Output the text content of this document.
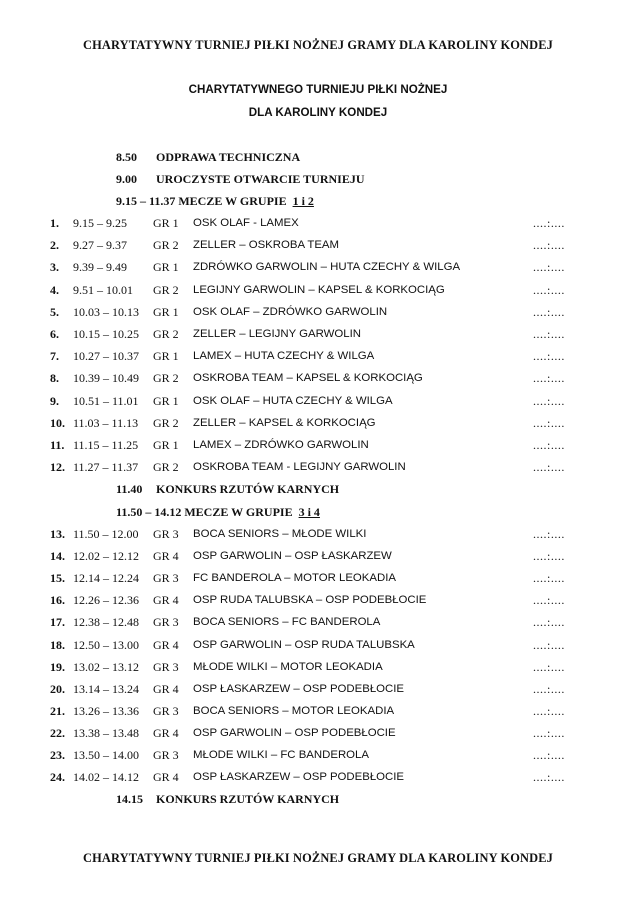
CHARYTATYWNY TURNIEJ PIŁKI NOŻNEJ GRAMY DLA KAROLINY KONDEJ
CHARYTATYWNEGO TURNIEJU PIŁKI NOŻNEJ
DLA KAROLINY KONDEJ
8.50 ODPRAWA TECHNICZNA
9.00 UROCZYSTE OTWARCIE TURNIEJU
9.15 – 11.37 MECZE W GRUPIE 1 i 2
1. 9.15 – 9.25 GR 1 OSK OLAF - LAMEX	....:....
2. 9.27 – 9.37 GR 2 ZELLER – OSKROBA TEAM	....:....
3. 9.39 – 9.49 GR 1 ZDRÓWKO GARWOLIN – HUTA CZECHY & WILGA	....:....
4. 9.51 – 10.01 GR 2 LEGIJNY GARWOLIN – KAPSEL & KORKOCIĄG	....:....
5. 10.03 – 10.13 GR 1 OSK OLAF – ZDRÓWKO GARWOLIN	....:....
6. 10.15 – 10.25 GR 2 ZELLER – LEGIJNY GARWOLIN	....:....
7. 10.27 – 10.37 GR 1 LAMEX – HUTA CZECHY & WILGA	....:....
8. 10.39 – 10.49 GR 2 OSKROBA TEAM – KAPSEL & KORKOCIĄG	....:....
9. 10.51 – 11.01 GR 1 OSK OLAF – HUTA CZECHY & WILGA	....:....
10. 11.03 – 11.13 GR 2 ZELLER – KAPSEL & KORKOCIĄG	....:....
11. 11.15 – 11.25 GR 1 LAMEX – ZDRÓWKO GARWOLIN	....:....
12. 11.27 – 11.37 GR 2 OSKROBA TEAM - LEGIJNY GARWOLIN	....:....
11.40 KONKURS RZUTÓW KARNYCH
11.50 – 14.12 MECZE W GRUPIE 3 i 4
13. 11.50 – 12.00 GR 3 BOCA SENIORS – MŁODE WILKI	....:....
14. 12.02 – 12.12 GR 4 OSP GARWOLIN – OSP ŁASKARZEW	....:....
15. 12.14 – 12.24 GR 3 FC BANDEROLA – MOTOR LEOKADIA	....:....
16. 12.26 – 12.36 GR 4 OSP RUDA TALUBSKA – OSP PODEBŁOCIE	....:....
17. 12.38 – 12.48 GR 3 BOCA SENIORS – FC BANDEROLA	....:....
18. 12.50 – 13.00 GR 4 OSP GARWOLIN – OSP RUDA TALUBSKA	....:....
19. 13.02 – 13.12 GR 3 MŁODE WILKI – MOTOR LEOKADIA	....:....
20. 13.14 – 13.24 GR 4 OSP ŁASKARZEW – OSP PODEBŁOCIE	....:....
21. 13.26 – 13.36 GR 3 BOCA SENIORS – MOTOR LEOKADIA	....:....
22. 13.38 – 13.48 GR 4 OSP GARWOLIN – OSP PODEBŁOCIE	....:....
23. 13.50 – 14.00 GR 3 MŁODE WILKI – FC BANDEROLA	....:....
24. 14.02 – 14.12 GR 4 OSP ŁASKARZEW – OSP PODEBŁOCIE	....:....
14.15 KONKURS RZUTÓW KARNYCH
CHARYTATYWNY TURNIEJ PIŁKI NOŻNEJ GRAMY DLA KAROLINY KONDEJ
